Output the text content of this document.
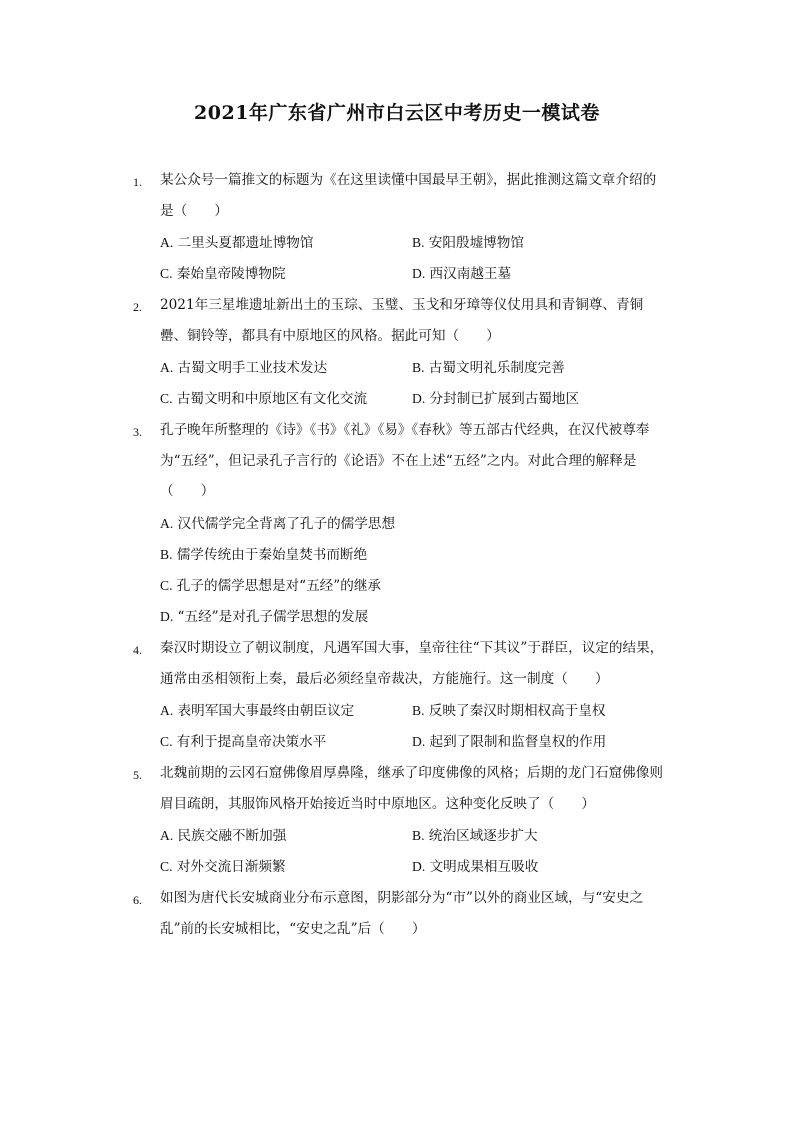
2021年广东省广州市白云区中考历史一模试卷
1. 某公众号一篇推文的标题为《在这里读懂中国最早王朝》，据此推测这篇文章介绍的是（　　）

A. 二里头夏都遗址博物馆	B. 安阳殷墟博物馆
C. 秦始皇帝陵博物院	D. 西汉南越王墓
2. 2021年三星堆遗址新出土的玉琮、玉璧、玉戈和牙璋等仪仗用具和青铜尊、青铜罍、铜铃等，都具有中原地区的风格。据此可知（　　）

A. 古蜀文明手工业技术发达	B. 古蜀文明礼乐制度完善
C. 古蜀文明和中原地区有文化交流	D. 分封制已扩展到古蜀地区
3. 孔子晚年所整理的《诗》《书》《礼》《易》《春秋》等五部古代经典，在汉代被尊奉为“五经”，但记录孔子言行的《论语》不在上述“五经”之内。对此合理的解释是（　　）

A. 汉代儒学完全背离了孔子的儒学思想
B. 儒学传统由于秦始皇焚书而断绝
C. 孔子的儒学思想是对“五经”的继承
D. “五经”是对孔子儒学思想的发展
4. 秦汉时期设立了朝议制度，凡遇军国大事，皇帝往往“下其议”于群臣，议定的结果，通常由丞相领衔上奏，最后必须经皇帝裁决，方能施行。这一制度（　　）

A. 表明军国大事最终由朝臣议定	B. 反映了秦汉时期相权高于皇权
C. 有利于提高皇帝决策水平	D. 起到了限制和监督皇权的作用
5. 北魏前期的云冈石窟佛像眉厚鼻隆，继承了印度佛像的风格；后期的龙门石窟佛像则眉目疏朗，其服饰风格开始接近当时中原地区。这种变化反映了（　　）

A. 民族交融不断加强	B. 统治区域逐步扩大
C. 对外交流日渐频繁	D. 文明成果相互吸收
6. 如图为唐代长安城商业分布示意图，阴影部分为“市”以外的商业区域，与“安史之乱”前的长安城相比，“安史之乱”后（　　）
